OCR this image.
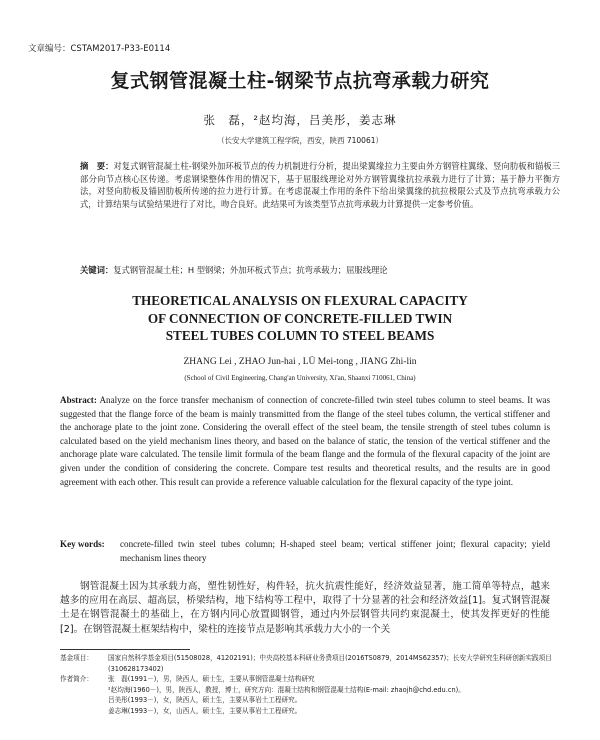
文章编号：CSTAM2017-P33-E0114
复式钢管混凝土柱-钢梁节点抗弯承载力研究
张　磊，²赵均海，吕美彤，姜志琳
（长安大学建筑工程学院，西安，陕西 710061）
摘　要：对复式钢管混凝土柱-钢梁外加环板节点的传力机制进行分析，提出梁翼缘拉力主要由外方钢管柱翼缘、竖向肋板和锚板三部分向节点核心区传递。考虑钢梁整体作用的情况下，基于屈服线理论对外方钢管翼缘抗拉承载力进行了计算；基于静力平衡方法，对竖向肋板及锚固肋板所传递的拉力进行计算。在考虑混凝土作用的条件下给出梁翼缘的抗拉极限公式及节点抗弯承载力公式，计算结果与试验结果进行了对比，吻合良好。此结果可为该类型节点抗弯承载力计算提供一定参考价值。
关键词：复式钢管混凝土柱；H 型钢梁；外加环板式节点；抗弯承载力；屈服线理论
THEORETICAL ANALYSIS ON FLEXURAL CAPACITY
OF CONNECTION OF CONCRETE-FILLED TWIN
STEEL TUBES COLUMN TO STEEL BEAMS
ZHANG Lei , ZHAO Jun-hai , LÜ Mei-tong , JIANG Zhi-lin
(School of Civil Engineering, Chang'an University, Xi'an, Shaanxi 710061, China)
Abstract: Analyze on the force transfer mechanism of connection of concrete-filled twin steel tubes column to steel beams. It was suggested that the flange force of the beam is mainly transmitted from the flange of the steel tubes column, the vertical stiffener and the anchorage plate to the joint zone. Considering the overall effect of the steel beam, the tensile strength of steel tubes column is calculated based on the yield mechanism lines theory, and based on the balance of static, the tension of the vertical stiffener and the anchorage plate ware calculated. The tensile limit formula of the beam flange and the formula of the flexural capacity of the joint are given under the condition of considering the concrete. Compare test results and theoretical results, and the results are in good agreement with each other. This result can provide a reference valuable calculation for the flexural capacity of the type joint.
Key words:	concrete-filled twin steel tubes column; H-shaped steel beam; vertical stiffener joint; flexural capacity; yield mechanism lines theory
钢管混凝土因为其承载力高，塑性韧性好，构件轻，抗火抗震性能好，经济效益显著，施工简单等特点，越来越多的应用在高层、超高层，桥梁结构，地下结构等工程中，取得了十分显著的社会和经济效益[1]。复式钢管混凝土是在钢管混凝土的基础上，在方钢内同心放置圆钢管，通过内外层钢管共同约束混凝土，使其发挥更好的性能[2]。在钢管混凝土框架结构中，梁柱的连接节点是影响其承载力大小的一个关
基金项目：	国家自然科学基金项目(51508028，41202191)；中央高校基本科研业务费项目(2016TS0879，2014MS62357)；长安大学研究生科研创新实践项目(310628173402)
作者简介：	张　磊(1991－)，男，陕西人，硕士生，主要从事钢管混凝土结构研究
²赵均海(1960－)，男，陕西人，教授，博士，研究方向：混凝土结构和钢管混凝土结构(E-mail: zhaojh@chd.edu.cn)。
吕美彤(1993－)，女，陕西人，硕士生，主要从事岩土工程研究。
姜志琳(1993－)，女，山西人，硕士生，主要从事岩土工程研究。
